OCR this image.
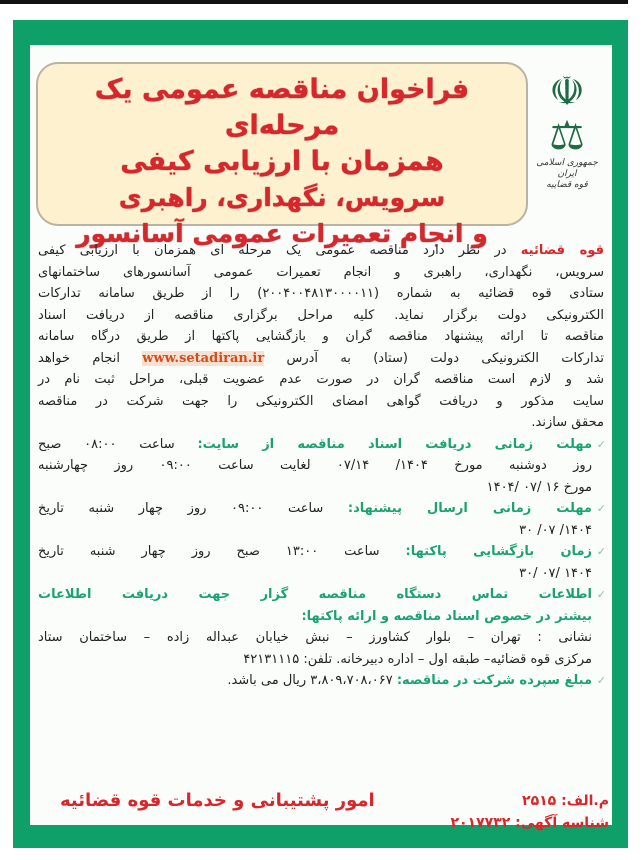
☫
⚖
جمهوری اسلامی ایران
قوه قضاییه
فراخوان مناقصه عمومی یک مرحله‌ای
همزمان با ارزیابی کیفی
سرویس، نگهداری، راهبری
و انجام تعمیرات عمومی آسانسور
قوه قضائیه در نظر دارد مناقصه عمومی یک مرحله ای همزمان با ارزیابی کیفی
سرویس، نگهداری، راهبری و انجام تعمیرات عمومی آسانسورهای ساختمانهای
ستادی قوه قضائیه به شماره (۲۰۰۴۰۰۴۸۱۳۰۰۰۰۱۱) را از طریق سامانه تدارکات
الکترونیکی دولت برگزار نماید. کلیه مراحل برگزاری مناقصه از دریافت اسناد
مناقصه تا ارائه پیشنهاد مناقصه گران و بازگشایی پاکتها از طریق درگاه سامانه
تدارکات الکترونیکی دولت (ستاد) به آدرس www.setadiran.ir انجام خواهد
شد و لازم است مناقصه گران در صورت عدم عضویت قبلی، مراحل ثبت نام در
سایت مذکور و دریافت گواهی امضای الکترونیکی را جهت شرکت در مناقصه
محقق سازند.
✓
مهلت زمانی دریافت اسناد مناقصه از سایت: ساعت ۰۸:۰۰ صبح
روز دوشنبه مورخ ۱۴۰۴/ ۰۷/۱۴ لغایت ساعت ۰۹:۰۰ روز چهارشنبه
مورخ ۱۶ /۰۷ /۱۴۰۴
✓
مهلت زمانی ارسال پیشنهاد: ساعت ۰۹:۰۰ روز چهار شنبه تاریخ
۱۴۰۴/ ۰۷/ ۳۰
✓
زمان بازگشایی پاکتها: ساعت ۱۳:۰۰ صبح روز چهار شنبه تاریخ
۱۴۰۴ /۰۷ /۳۰
✓
اطلاعات تماس دستگاه مناقصه گزار جهت دریافت اطلاعات
بیشتر در خصوص اسناد مناقصه و ارائه پاکتها:
نشانی : تهران – بلوار کشاورز – نبش خیابان عبداله زاده – ساختمان ستاد
مرکزی قوه قضائیه– طبقه اول – اداره دبیرخانه. تلفن: ۴۲۱۳۱۱۱۵
✓
مبلغ سپرده شرکت در مناقصه: ۳،۸۰۹،۷۰۸،۰۶۷ ریال می باشد.
امور پشتیبانی و خدمات قوه قضائیه	م.الف: ۲۵۱۵
شناسه آگهی: ۲۰۱۷۷۳۲
